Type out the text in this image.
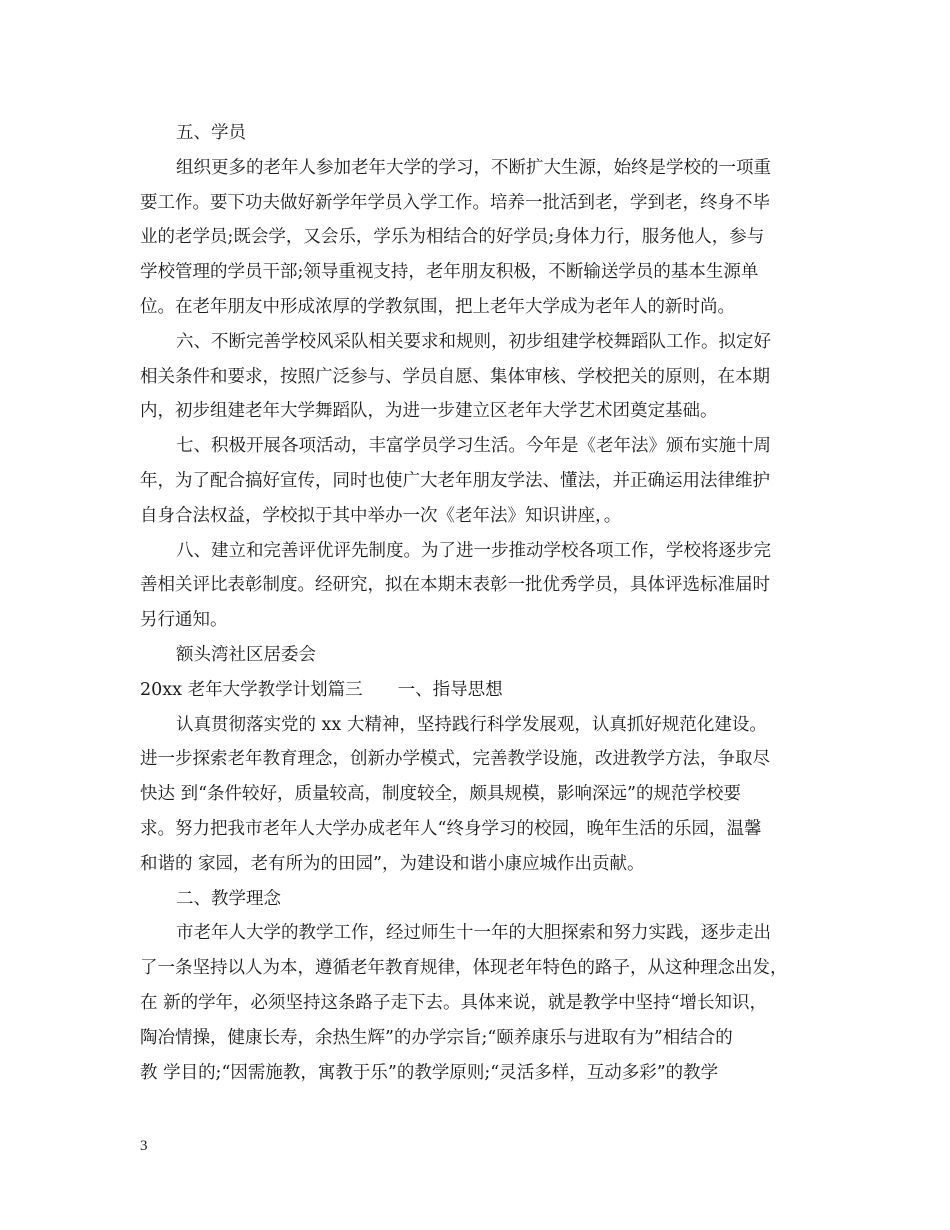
五、学员
组织更多的老年人参加老年大学的学习，不断扩大生源，始终是学校的一项重
要工作。要下功夫做好新学年学员入学工作。培养一批活到老，学到老，终身不毕
业的老学员;既会学，又会乐，学乐为相结合的好学员;身体力行，服务他人，参与
学校管理的学员干部;领导重视支持，老年朋友积极，不断输送学员的基本生源单
位。在老年朋友中形成浓厚的学教氛围，把上老年大学成为老年人的新时尚。
六、不断完善学校风采队相关要求和规则，初步组建学校舞蹈队工作。拟定好
相关条件和要求，按照广泛参与、学员自愿、集体审核、学校把关的原则，在本期
内，初步组建老年大学舞蹈队，为进一步建立区老年大学艺术团奠定基础。
七、积极开展各项活动，丰富学员学习生活。今年是《老年法》颁布实施十周
年，为了配合搞好宣传，同时也使广大老年朋友学法、懂法，并正确运用法律维护
自身合法权益，学校拟于其中举办一次《老年法》知识讲座，。
八、建立和完善评优评先制度。为了进一步推动学校各项工作，学校将逐步完
善相关评比表彰制度。经研究，拟在本期末表彰一批优秀学员，具体评选标准届时
另行通知。
额头湾社区居委会
20xx 老年大学教学计划篇三　　一、指导思想
认真贯彻落实党的 xx 大精神，坚持践行科学发展观，认真抓好规范化建设。
进一步探索老年教育理念，创新办学模式，完善教学设施，改进教学方法，争取尽
快达 到“条件较好，质量较高，制度较全，颇具规模，影响深远”的规范学校要
求。努力把我市老年人大学办成老年人“终身学习的校园，晚年生活的乐园，温馨
和谐的 家园，老有所为的田园”，为建设和谐小康应城作出贡献。
二、教学理念
市老年人大学的教学工作，经过师生十一年的大胆探索和努力实践，逐步走出
了一条坚持以人为本，遵循老年教育规律，体现老年特色的路子，从这种理念出发，
在 新的学年，必须坚持这条路子走下去。具体来说，就是教学中坚持“增长知识，
陶冶情操，健康长寿，余热生辉”的办学宗旨;“颐养康乐与进取有为”相结合的
教 学目的;“因需施教，寓教于乐”的教学原则;“灵活多样，互动多彩”的教学
3
